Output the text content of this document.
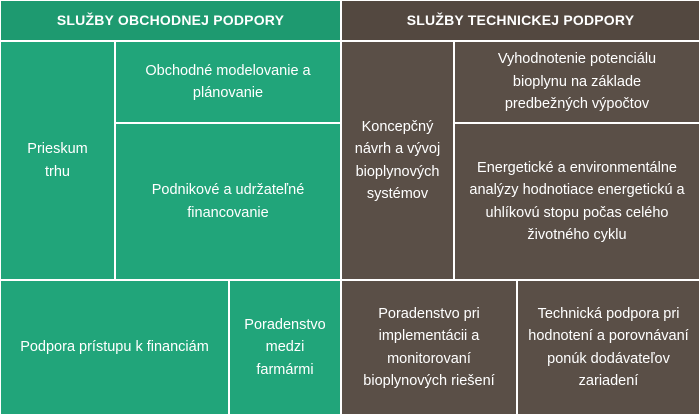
SLUŽBY OBCHODNEJ PODPORY
Prieskum trhu
Obchodné modelovanie a plánovanie
Podnikové a udržateľné financovanie
Podpora prístupu k financiám
Poradenstvo medzi farmármi
SLUŽBY TECHNICKEJ PODPORY
Koncepčný návrh a vývoj bioplynových systémov
Vyhodnotenie potenciálu bioplynu na základe predbežných výpočtov
Energetické a environmentálne analýzy hodnotiace energetickú a uhlíkovú stopu počas celého životného cyklu
Poradenstvo pri implementácii a monitorovaní bioplynových riešení
Technická podpora pri hodnotení a porovnávaní ponúk dodávateľov zariadení
